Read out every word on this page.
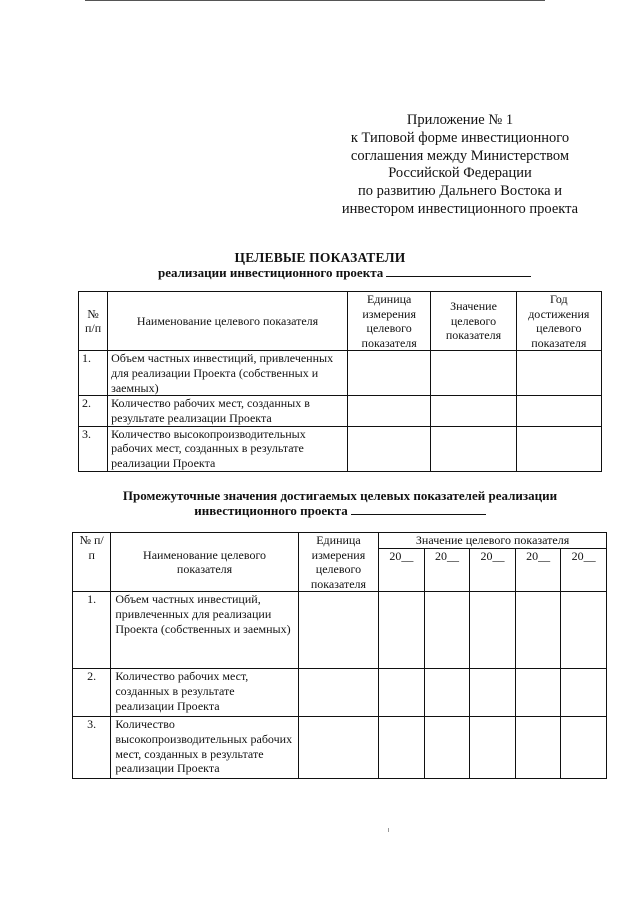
Приложение № 1
к Типовой форме инвестиционного
соглашения между Министерством
Российской Федерации
по развитию Дальнего Востока и
инвестором инвестиционного проекта
ЦЕЛЕВЫЕ ПОКАЗАТЕЛИ
реализации инвестиционного проекта
№ п/п	Наименование целевого показателя	Единица измерения целевого показателя	Значение целевого показателя	Год достижения целевого показателя
1.	Объем частных инвестиций, привлеченных для реализации Проекта (собственных и заемных)			
2.	Количество рабочих мест, созданных в результате реализации Проекта			
3.	Количество высокопроизводительных рабочих мест, созданных в результате реализации Проекта			
Промежуточные значения достигаемых целевых показателей реализации
инвестиционного проекта
№ п/п	Наименование целевого показателя	Единица измерения целевого показателя	Значение целевого показателя				
			20__	20__	20__	20__	20__
1.	Объем частных инвестиций, привлеченных для реализации Проекта (собственных и заемных)						
2.	Количество рабочих мест, созданных в результате реализации Проекта						
3.	Количество высокопроизводительных рабочих мест, созданных в результате реализации Проекта						
